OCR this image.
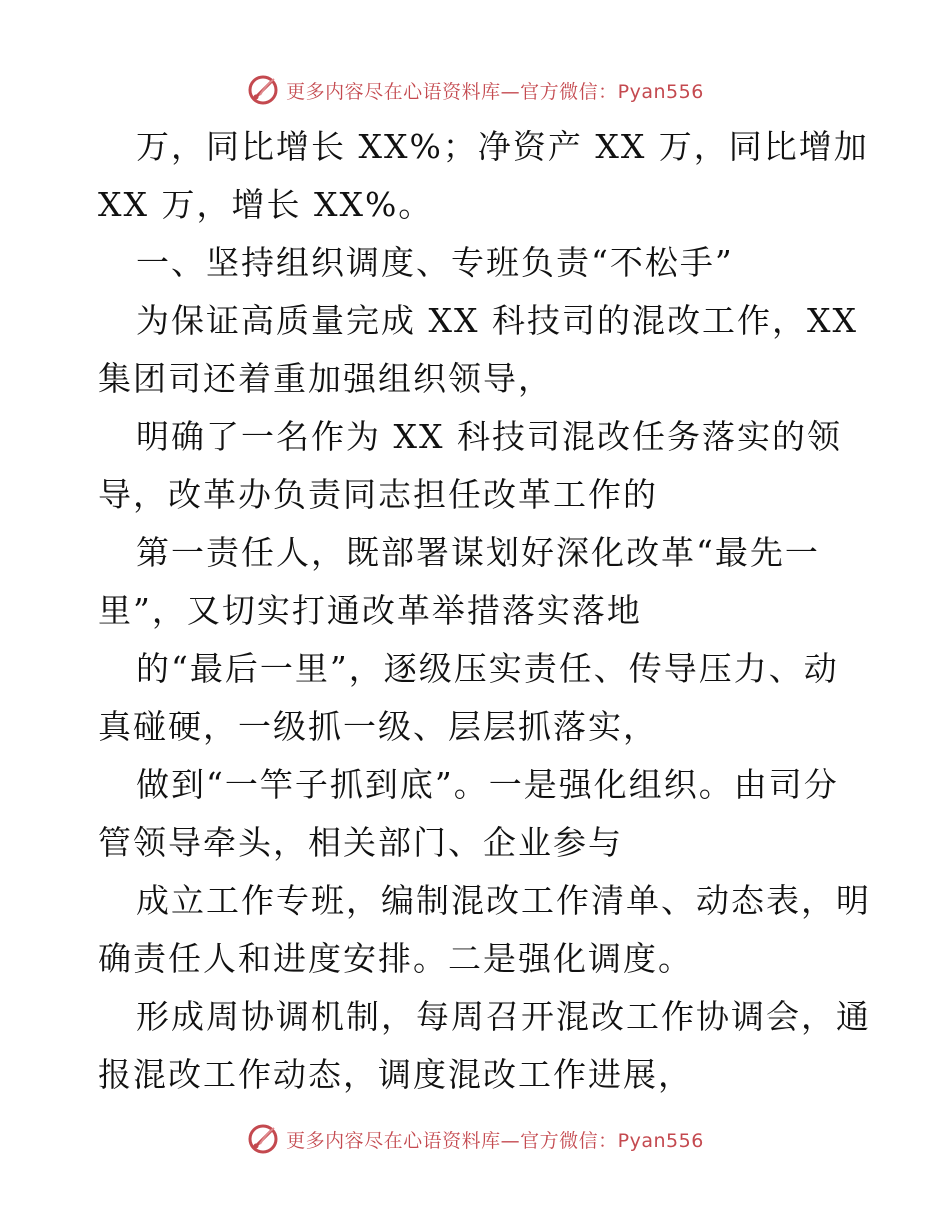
更多内容尽在心语资料库—官方微信：Pyan556
万，同比增长 XX%；净资产 XX 万，同比增加
XX 万，增长 XX%。
一、坚持组织调度、专班负责“不松手”
为保证高质量完成 XX 科技司的混改工作，XX
集团司还着重加强组织领导，
明确了一名作为 XX 科技司混改任务落实的领
导，改革办负责同志担任改革工作的
第一责任人，既部署谋划好深化改革“最先一
里”，又切实打通改革举措落实落地
的“最后一里”，逐级压实责任、传导压力、动
真碰硬，一级抓一级、层层抓落实，
做到“一竿子抓到底”。一是强化组织。由司分
管领导牵头，相关部门、企业参与
成立工作专班，编制混改工作清单、动态表，明
确责任人和进度安排。二是强化调度。
形成周协调机制，每周召开混改工作协调会，通
报混改工作动态，调度混改工作进展，
更多内容尽在心语资料库—官方微信：Pyan556
